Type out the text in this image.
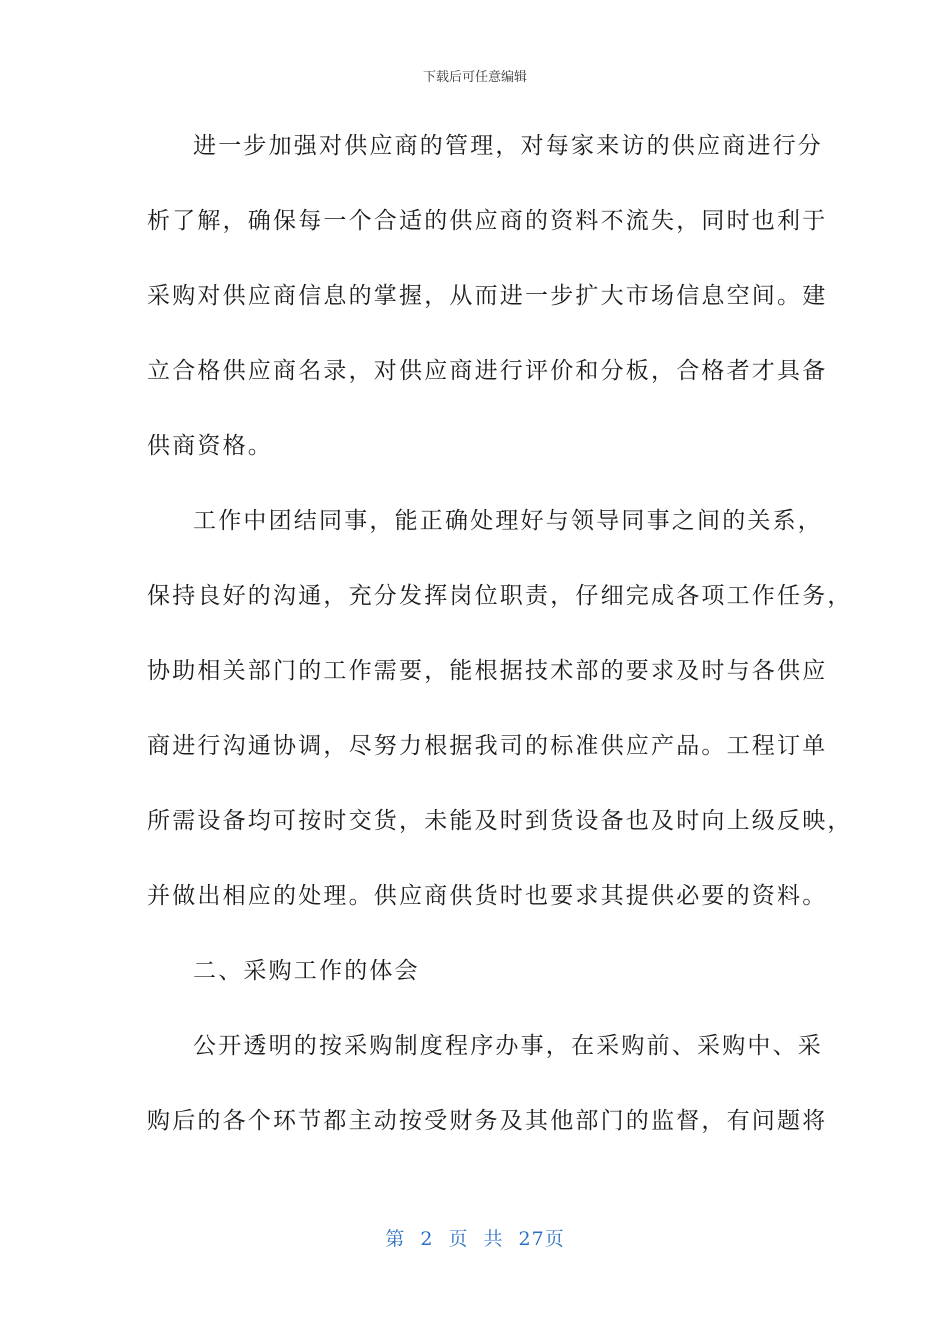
下载后可任意编辑
进一步加强对供应商的管理，对每家来访的供应商进行分
析了解，确保每一个合适的供应商的资料不流失，同时也利于
采购对供应商信息的掌握，从而进一步扩大市场信息空间。建
立合格供应商名录，对供应商进行评价和分板，合格者才具备
供商资格。
工作中团结同事，能正确处理好与领导同事之间的关系，
保持良好的沟通，充分发挥岗位职责，仔细完成各项工作任务，
协助相关部门的工作需要，能根据技术部的要求及时与各供应
商进行沟通协调，尽努力根据我司的标准供应产品。工程订单
所需设备均可按时交货，未能及时到货设备也及时向上级反映，
并做出相应的处理。供应商供货时也要求其提供必要的资料。
二、采购工作的体会
公开透明的按采购制度程序办事，在采购前、采购中、采
购后的各个环节都主动按受财务及其他部门的监督，有问题将
第 2 页 共 27页
